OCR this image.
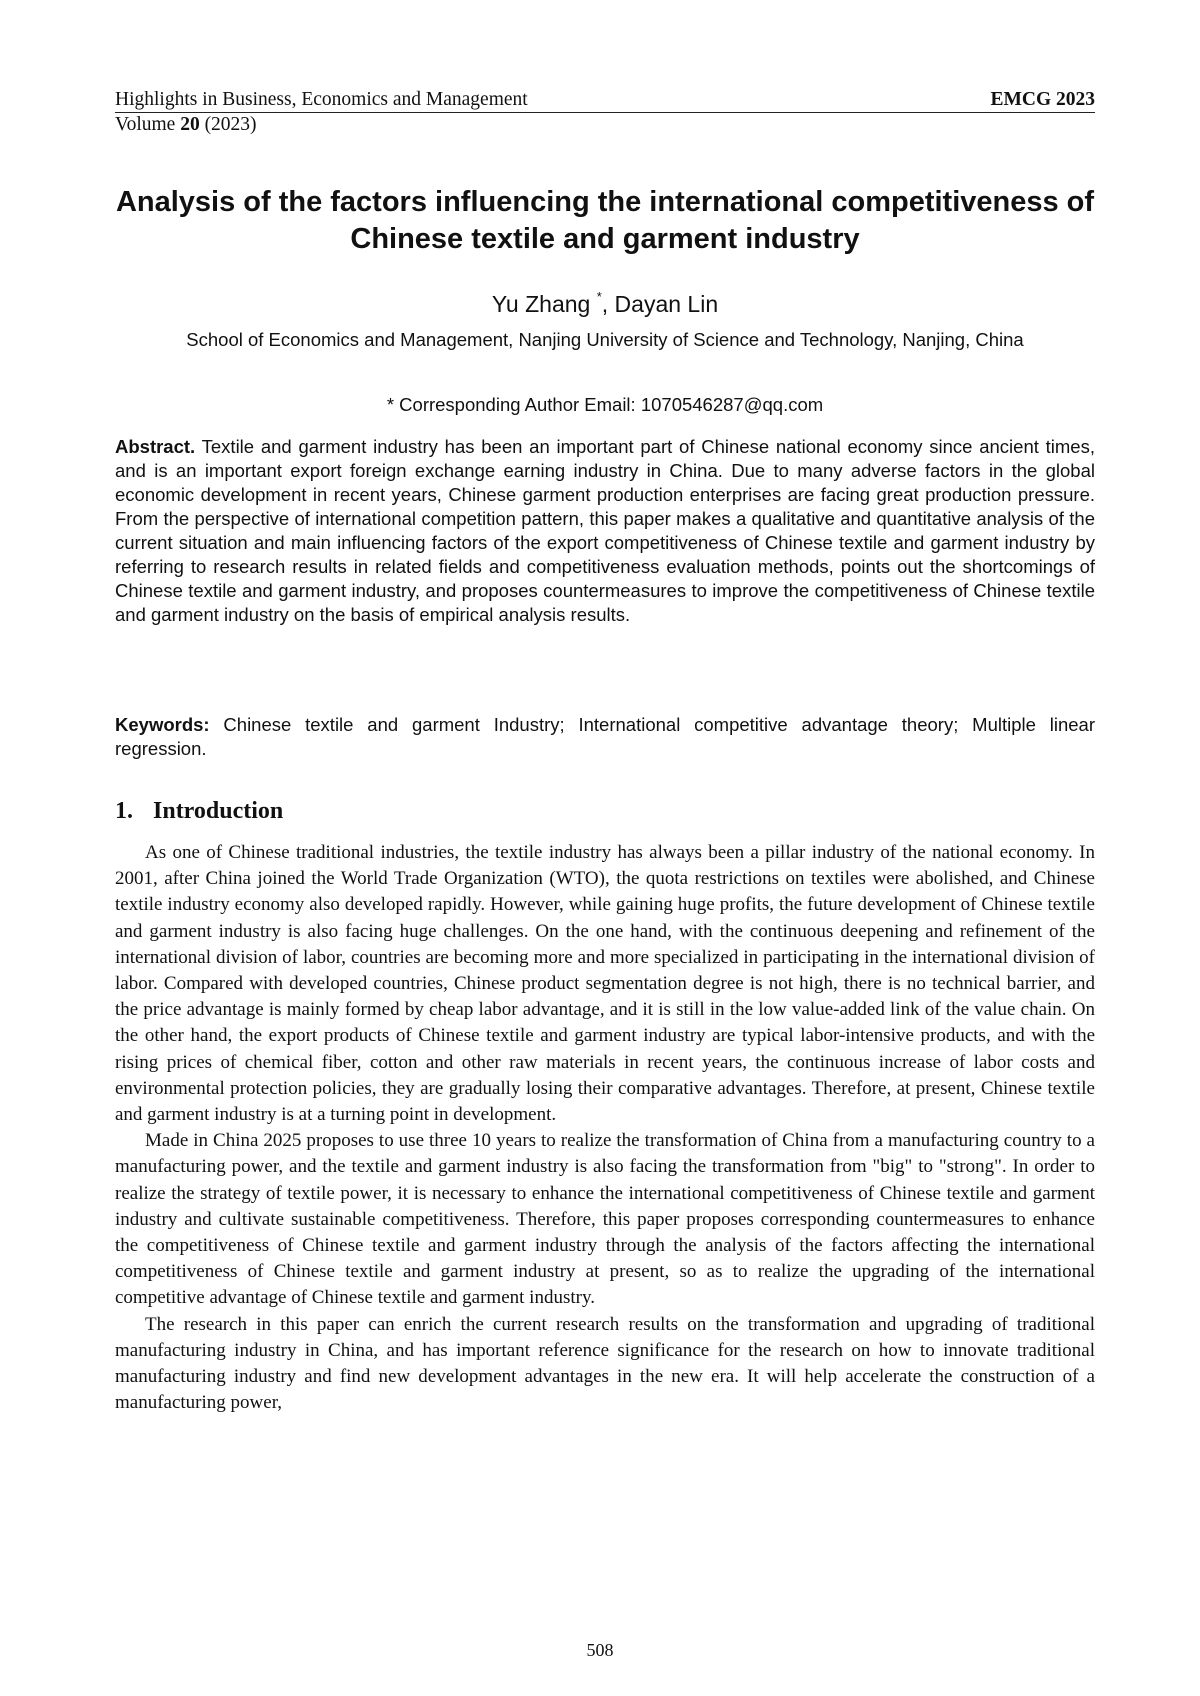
Highlights in Business, Economics and Management	EMCG 2023
Volume 20 (2023)
Analysis of the factors influencing the international competitiveness of Chinese textile and garment industry
Yu Zhang *, Dayan Lin
School of Economics and Management, Nanjing University of Science and Technology, Nanjing, China
* Corresponding Author Email: 1070546287@qq.com

Abstract. Textile and garment industry has been an important part of Chinese national economy since ancient times, and is an important export foreign exchange earning industry in China. Due to many adverse factors in the global economic development in recent years, Chinese garment production enterprises are facing great production pressure. From the perspective of international competition pattern, this paper makes a qualitative and quantitative analysis of the current situation and main influencing factors of the export competitiveness of Chinese textile and garment industry by referring to research results in related fields and competitiveness evaluation methods, points out the shortcomings of Chinese textile and garment industry, and proposes countermeasures to improve the competitiveness of Chinese textile and garment industry on the basis of empirical analysis results.

Keywords: Chinese textile and garment Industry; International competitive advantage theory; Multiple linear regression.

1. Introduction

As one of Chinese traditional industries, the textile industry has always been a pillar industry of the national economy. In 2001, after China joined the World Trade Organization (WTO), the quota restrictions on textiles were abolished, and Chinese textile industry economy also developed rapidly. However, while gaining huge profits, the future development of Chinese textile and garment industry is also facing huge challenges. On the one hand, with the continuous deepening and refinement of the international division of labor, countries are becoming more and more specialized in participating in the international division of labor. Compared with developed countries, Chinese product segmentation degree is not high, there is no technical barrier, and the price advantage is mainly formed by cheap labor advantage, and it is still in the low value-added link of the value chain. On the other hand, the export products of Chinese textile and garment industry are typical labor-intensive products, and with the rising prices of chemical fiber, cotton and other raw materials in recent years, the continuous increase of labor costs and environmental protection policies, they are gradually losing their comparative advantages. Therefore, at present, Chinese textile and garment industry is at a turning point in development.

Made in China 2025 proposes to use three 10 years to realize the transformation of China from a manufacturing country to a manufacturing power, and the textile and garment industry is also facing the transformation from "big" to "strong". In order to realize the strategy of textile power, it is necessary to enhance the international competitiveness of Chinese textile and garment industry and cultivate sustainable competitiveness. Therefore, this paper proposes corresponding countermeasures to enhance the competitiveness of Chinese textile and garment industry through the analysis of the factors affecting the international competitiveness of Chinese textile and garment industry at present, so as to realize the upgrading of the international competitive advantage of Chinese textile and garment industry.

The research in this paper can enrich the current research results on the transformation and upgrading of traditional manufacturing industry in China, and has important reference significance for the research on how to innovate traditional manufacturing industry and find new development advantages in the new era. It will help accelerate the construction of a manufacturing power,

508
